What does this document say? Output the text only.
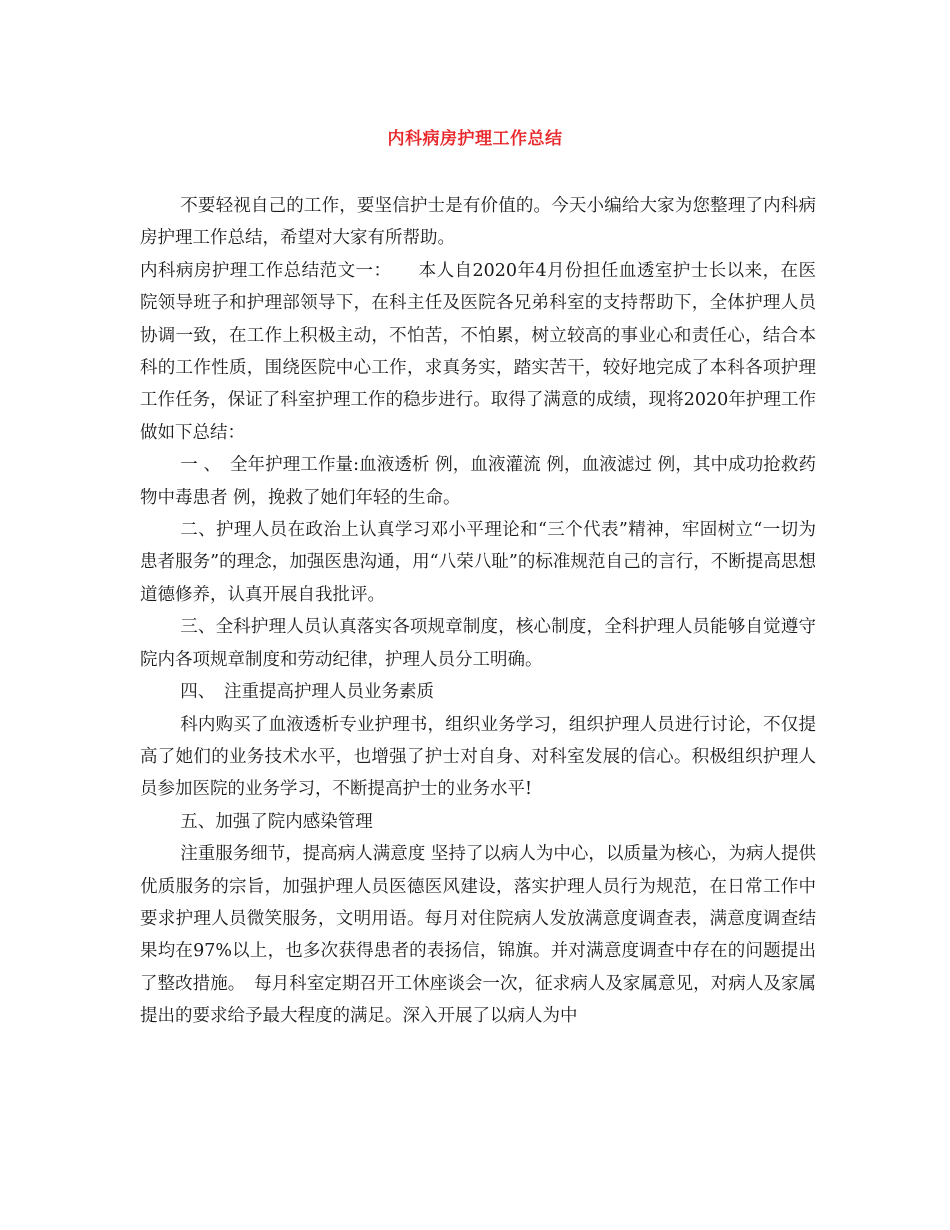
内科病房护理工作总结

不要轻视自己的工作，要坚信护士是有价值的。今天小编给大家为您整理了内科病房护理工作总结，希望对大家有所帮助。

内科病房护理工作总结范文一：　　本人自2020年4月份担任血透室护士长以来，在医院领导班子和护理部领导下，在科主任及医院各兄弟科室的支持帮助下，全体护理人员协调一致，在工作上积极主动，不怕苦，不怕累，树立较高的事业心和责任心，结合本科的工作性质，围绕医院中心工作，求真务实，踏实苦干，较好地完成了本科各项护理工作任务，保证了科室护理工作的稳步进行。取得了满意的成绩，现将2020年护理工作做如下总结：

一 、　全年护理工作量:血液透析 例，血液灌流 例，血液滤过 例，其中成功抢救药物中毒患者 例，挽救了她们年轻的生命。

二、护理人员在政治上认真学习邓小平理论和“三个代表”精神，牢固树立“一切为患者服务”的理念，加强医患沟通，用“八荣八耻”的标准规范自己的言行，不断提高思想道德修养，认真开展自我批评。

三、全科护理人员认真落实各项规章制度，核心制度，全科护理人员能够自觉遵守院内各项规章制度和劳动纪律，护理人员分工明确。

四、　注重提高护理人员业务素质

科内购买了血液透析专业护理书，组织业务学习，组织护理人员进行讨论，不仅提高了她们的业务技术水平，也增强了护士对自身、对科室发展的信心。积极组织护理人员参加医院的业务学习，不断提高护士的业务水平!

五、加强了院内感染管理

注重服务细节，提高病人满意度 坚持了以病人为中心，以质量为核心，为病人提供优质服务的宗旨，加强护理人员医德医风建设，落实护理人员行为规范，在日常工作中要求护理人员微笑服务，文明用语。每月对住院病人发放满意度调查表，满意度调查结果均在97%以上，也多次获得患者的表扬信，锦旗。并对满意度调查中存在的问题提出了整改措施。　每月科室定期召开工休座谈会一次，征求病人及家属意见，对病人及家属提出的要求给予最大程度的满足。深入开展了以病人为中
